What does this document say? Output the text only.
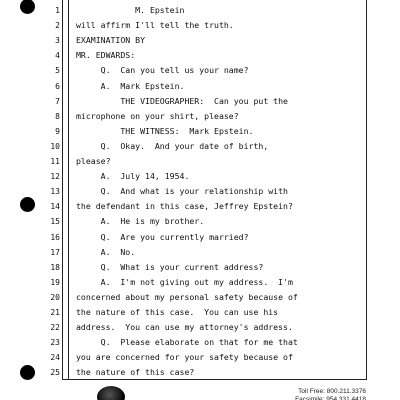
1 M. Epstein
2 will affirm I'll tell the truth.
3 EXAMINATION BY
4 MR. EDWARDS:
5 Q.  Can you tell us your name?
6 A.  Mark Epstein.
7 THE VIDEOGRAPHER:  Can you put the
8 microphone on your shirt, please?
9 THE WITNESS:  Mark Epstein.
10 Q.  Okay.  And your date of birth,
11 please?
12 A.  July 14, 1954.
13 Q.  And what is your relationship with
14 the defendant in this case, Jeffrey Epstein?
15 A.  He is my brother.
16 Q.  Are you currently married?
17 A.  No.
18 Q.  What is your current address?
19 A.  I'm not giving out my address.  I'm
20 concerned about my personal safety because of
21 the nature of this case.  You can use his
22 address.  You can use my attorney's address.
23 Q.  Please elaborate on that for me that
24 you are concerned for your safety because of
25 the nature of this case?
Toll Free: 800.211.3376
Facsimile: 954.331.4418
